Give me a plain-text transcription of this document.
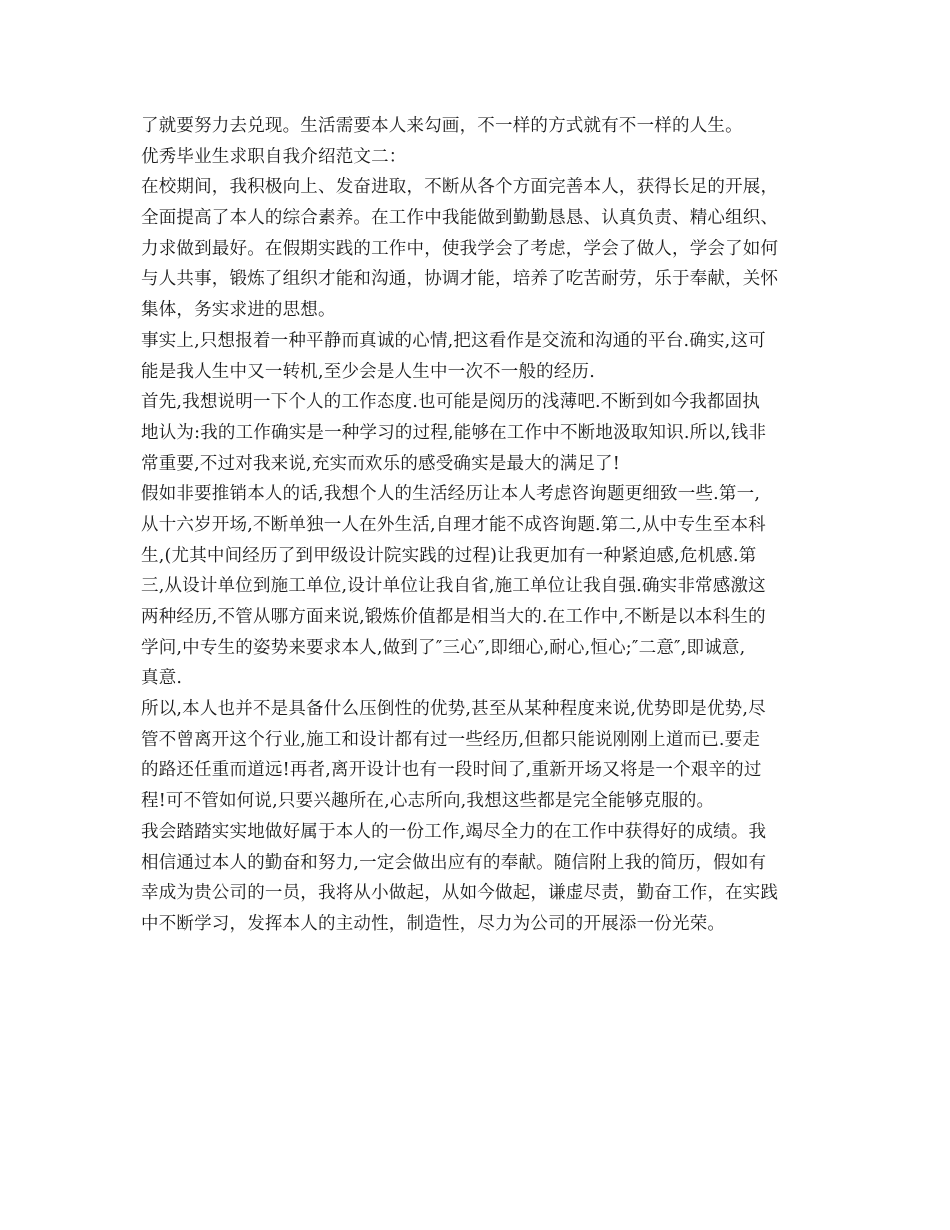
了就要努力去兑现。生活需要本人来勾画，不一样的方式就有不一样的人生。
优秀毕业生求职自我介绍范文二：
在校期间，我积极向上、发奋进取，不断从各个方面完善本人，获得长足的开展，
全面提高了本人的综合素养。在工作中我能做到勤勤恳恳、认真负责、精心组织、
力求做到最好。在假期实践的工作中，使我学会了考虑，学会了做人，学会了如何
与人共事，锻炼了组织才能和沟通，协调才能，培养了吃苦耐劳，乐于奉献，关怀
集体，务实求进的思想。
事实上,只想报着一种平静而真诚的心情,把这看作是交流和沟通的平台.确实,这可
能是我人生中又一转机,至少会是人生中一次不一般的经历.
首先,我想说明一下个人的工作态度.也可能是阅历的浅薄吧.不断到如今我都固执
地认为:我的工作确实是一种学习的过程,能够在工作中不断地汲取知识.所以,钱非
常重要,不过对我来说,充实而欢乐的感受确实是最大的满足了!
假如非要推销本人的话,我想个人的生活经历让本人考虑咨询题更细致一些.第一,
从十六岁开场,不断单独一人在外生活,自理才能不成咨询题.第二,从中专生至本科
生,(尤其中间经历了到甲级设计院实践的过程)让我更加有一种紧迫感,危机感.第
三,从设计单位到施工单位,设计单位让我自省,施工单位让我自强.确实非常感激这
两种经历,不管从哪方面来说,锻炼价值都是相当大的.在工作中,不断是以本科生的
学问,中专生的姿势来要求本人,做到了″三心″,即细心,耐心,恒心;″二意″,即诚意,
真意.
所以,本人也并不是具备什么压倒性的优势,甚至从某种程度来说,优势即是优势,尽
管不曾离开这个行业,施工和设计都有过一些经历,但都只能说刚刚上道而已.要走
的路还任重而道远!再者,离开设计也有一段时间了,重新开场又将是一个艰辛的过
程!可不管如何说,只要兴趣所在,心志所向,我想这些都是完全能够克服的。
我会踏踏实实地做好属于本人的一份工作,竭尽全力的在工作中获得好的成绩。我
相信通过本人的勤奋和努力,一定会做出应有的奉献。随信附上我的简历，假如有
幸成为贵公司的一员，我将从小做起，从如今做起，谦虚尽责，勤奋工作，在实践
中不断学习，发挥本人的主动性，制造性，尽力为公司的开展添一份光荣。
